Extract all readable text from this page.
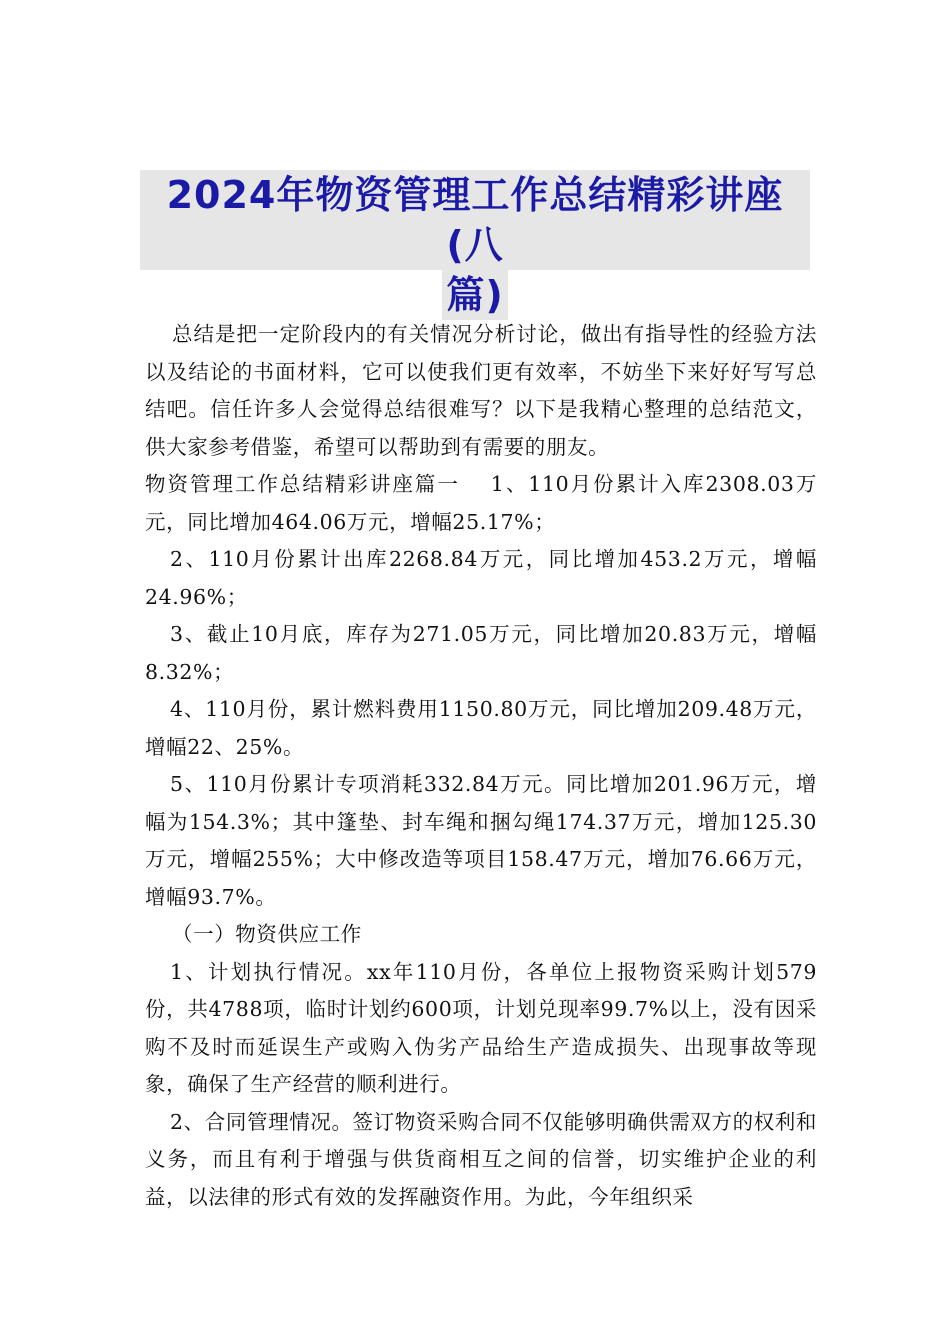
2024年物资管理工作总结精彩讲座(八
篇)

总结是把一定阶段内的有关情况分析讨论，做出有指导性的经验方法以及结论的书面材料，它可以使我们更有效率，不妨坐下来好好写写总结吧。信任许多人会觉得总结很难写？以下是我精心整理的总结范文，供大家参考借鉴，希望可以帮助到有需要的朋友。

物资管理工作总结精彩讲座篇一　 1、110月份累计入库2308.03万元，同比增加464.06万元，增幅25.17%；

2、110月份累计出库2268.84万元，同比增加453.2万元，增幅24.96%；

3、截止10月底，库存为271.05万元，同比增加20.83万元，增幅8.32%；

4、110月份，累计燃料费用1150.80万元，同比增加209.48万元，增幅22、25%。

5、110月份累计专项消耗332.84万元。同比增加201.96万元，增幅为154.3%；其中篷垫、封车绳和捆勾绳174.37万元，增加125.30万元，增幅255%；大中修改造等项目158.47万元，增加76.66万元，增幅93.7%。

（一）物资供应工作

1、计划执行情况。xx年110月份，各单位上报物资采购计划579份，共4788项，临时计划约600项，计划兑现率99.7%以上，没有因采购不及时而延误生产或购入伪劣产品给生产造成损失、出现事故等现象，确保了生产经营的顺利进行。

2、合同管理情况。签订物资采购合同不仅能够明确供需双方的权利和义务，而且有利于增强与供货商相互之间的信誉，切实维护企业的利益，以法律的形式有效的发挥融资作用。为此，今年组织采
